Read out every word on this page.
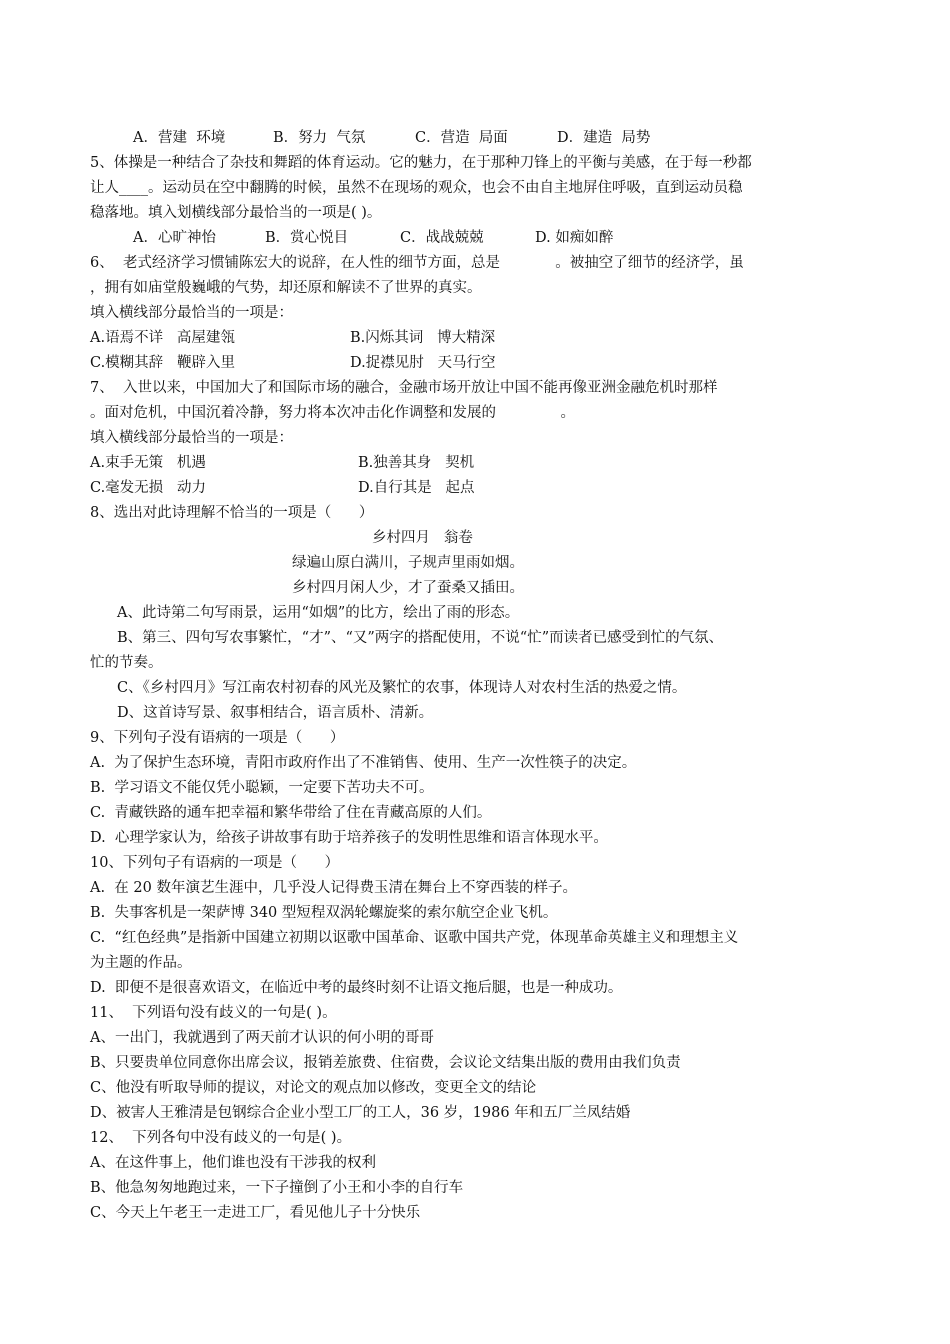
A．营建  环境	B．努力  气氛	C．营造  局面	D．建造  局势
5、体操是一种结合了杂技和舞蹈的体育运动。它的魅力，在于那种刀锋上的平衡与美感，在于每一秒都
让人____。运动员在空中翻腾的时候，虽然不在现场的观众，也会不由自主地屏住呼吸，直到运动员稳
稳落地。填入划横线部分最恰当的一项是( )。
A．心旷神怡	B．赏心悦目	C．战战兢兢	D. 如痴如醉
6、  老式经济学习惯铺陈宏大的说辞，在人性的细节方面，总是            。被抽空了细节的经济学，虽
，拥有如庙堂般巍峨的气势，却还原和解读不了世界的真实。
填入横线部分最恰当的一项是：
A.语焉不详   高屋建瓴	B.闪烁其词   博大精深
C.模糊其辞   鞭辟入里	D.捉襟见肘   天马行空
7、  入世以来，中国加大了和国际市场的融合，金融市场开放让中国不能再像亚洲金融危机时那样
。面对危机，中国沉着冷静，努力将本次冲击化作调整和发展的              。
填入横线部分最恰当的一项是：
A.束手无策   机遇	B.独善其身   契机
C.毫发无损   动力	D.自行其是   起点
8、选出对此诗理解不恰当的一项是（      ）
乡村四月   翁卷
绿遍山原白满川，子规声里雨如烟。
乡村四月闲人少，才了蚕桑又插田。
A、此诗第二句写雨景，运用“如烟”的比方，绘出了雨的形态。
B、第三、四句写农事繁忙，“才”、“又”两字的搭配使用，不说“忙”而读者已感受到忙的气氛、
忙的节奏。
C、《乡村四月》写江南农村初春的风光及繁忙的农事，体现诗人对农村生活的热爱之情。
D、这首诗写景、叙事相结合，语言质朴、清新。
9、下列句子没有语病的一项是（      ）
A.  为了保护生态环境，青阳市政府作出了不准销售、使用、生产一次性筷子的决定。
B.  学习语文不能仅凭小聪颖，一定要下苦功夫不可。
C.  青藏铁路的通车把幸福和繁华带给了住在青藏高原的人们。
D.  心理学家认为，给孩子讲故事有助于培养孩子的发明性思维和语言体现水平。
10、下列句子有语病的一项是（      ）
A.  在 20 数年演艺生涯中，几乎没人记得费玉清在舞台上不穿西装的样子。
B.  失事客机是一架萨博 340 型短程双涡轮螺旋桨的索尔航空企业飞机。
C.  “红色经典”是指新中国建立初期以讴歌中国革命、讴歌中国共产党，体现革命英雄主义和理想主义
为主题的作品。
D.  即便不是很喜欢语文，在临近中考的最终时刻不让语文拖后腿，也是一种成功。
11、  下列语句没有歧义的一句是( )。
A、一出门，我就遇到了两天前才认识的何小明的哥哥
B、只要贵单位同意你出席会议，报销差旅费、住宿费，会议论文结集出版的费用由我们负责
C、他没有听取导师的提议，对论文的观点加以修改，变更全文的结论
D、被害人王雅清是包钢综合企业小型工厂的工人，36 岁，1986 年和五厂兰凤结婚
12、  下列各句中没有歧义的一句是( )。
A、在这件事上，他们谁也没有干涉我的权利
B、他急匆匆地跑过来，一下子撞倒了小王和小李的自行车
C、今天上午老王一走进工厂，看见他儿子十分快乐
